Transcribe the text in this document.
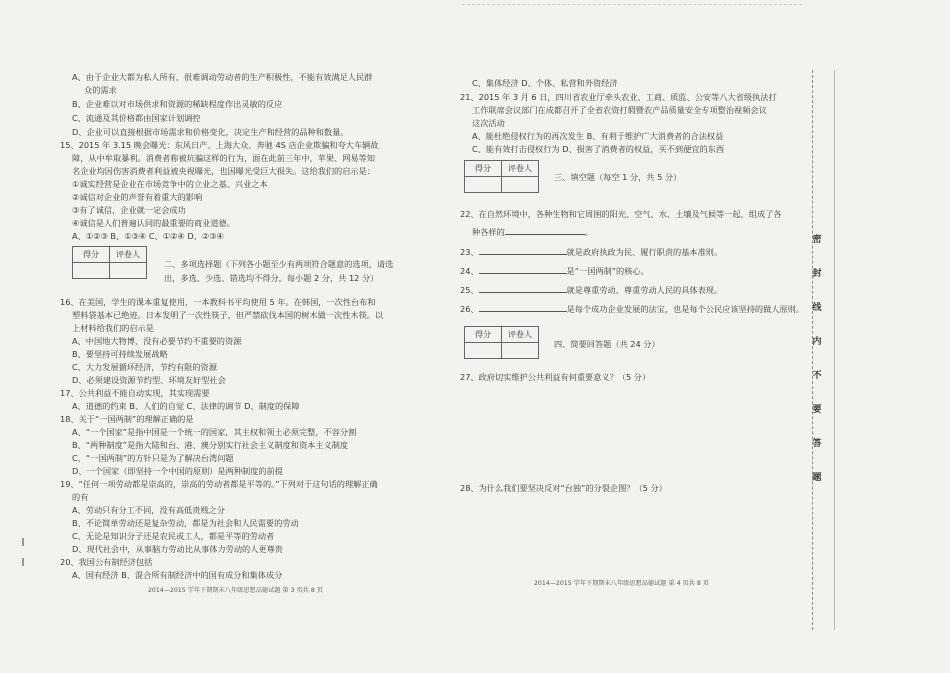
A、由于企业大都为私人所有，很难调动劳动者的生产积极性，不能有效满足人民群
众的需求
B、企业难以对市场供求和资源的稀缺程度作出灵敏的反应
C、流通及其价格都由国家计划调控
D、企业可以直接根据市场需求和价格变化，决定生产和经营的品种和数量。
15、2015 年 3.15 晚会曝光：东风日产、上海大众、奔驰 4S 店企业欺骗和夸大车辆故
障，从中牟取暴利。消费者称被坑骗这样的行为，面在此前三年中，苹果、网易等知
名企业均因伤害消费者利益被央视曝光，也因曝光受巨大损失。这给我们的启示是：
①诚实经营是企业在市场竞争中的立业之基、兴业之本
②诚信对企业的声誉有着重大的影响
③有了诚信，企业就一定会成功
④诚信是人们普遍认同的最重要的商业道德。
A、①②③ B、①③④ C、①②④ D、②③④
得分	评卷人

二、多项选择题（下列各小题至少有两项符合题意的选项，请选
出，多选、少选、错选均不得分，每小题 2 分，共 12 分）
16、在美国，学生的课本重复使用，一本教科书平均使用 5 年。在韩国，一次性台布和
塑料袋基本已绝迹。日本发明了一次性筷子，但严禁砍伐本国的树木做一次性木筷。以
上材料给我们的启示是
A、中国地大物博，没有必要节约不重要的资源
B、要坚持可持续发展战略
C、大力发展循环经济，节约有限的资源
D、必须建设资源节约型、环境友好型社会
17、公共利益不能自动实现，其实现需要
A、道德的约束 B、人们的自觉 C、法律的调节 D、制度的保障
18、关于“一国两制”的理解正确的是
A、“一个国家”是指中国是一个统一的国家，其主权和领土必须完整，不容分割
B、“两种制度”是指大陆和台、港、澳分别实行社会主义制度和资本主义制度
C、“一国两制”的方针只是为了解决台湾问题
D、一个国家（即坚持一个中国的原则）是两种制度的前提
19、“任何一项劳动都是崇高的，崇高的劳动者都是平等的。”下列对于这句话的理解正确
的有
A、劳动只有分工不同，没有高低贵贱之分
B、不论简单劳动还是复杂劳动，都是为社会和人民需要的劳动
C、无论是知识分子还是农民或工人，都是平等的劳动者
D、现代社会中，从事脑力劳动比从事体力劳动的人更尊贵
20、我国公有制经济包括
A、国有经济 B、混合所有制经济中的国有成分和集体成分
2014—2015 学年下期期末八年级思想品德试题 第 3 页共 8 页
C、集体经济 D、个体、私营和外资经济
21、2015 年 3 月 6 日，四川省农业厅牵头农业、工商、质监、公安等八大省级执法打
工作联席会议部门在成都召开了全省农资打假暨农产品质量安全专项整治视频会议
这次活动
A、能杜绝侵权行为的再次发生 B、有利于维护广大消费者的合法权益
C、能有效打击侵权行为 D、损害了消费者的权益，买不到便宜的东西
得分	评卷人

三、填空题（每空 1 分，共 5 分）
22、在自然环境中，各种生物和它周围的阳光、空气、水、土壤及气候等一起，组成了各
种各样的	。
23、	就是政府执政为民、履行职责的基本准则。
24、	是“一国两制”的核心。
25、	就是尊重劳动、尊重劳动人民的具体表现。
26、	是每个成功企业发展的法宝，也是每个公民应该坚持的做人原则。
得分	评卷人

四、简要回答题（共 24 分）
27、政府切实维护公共利益有何重要意义？（5 分）
28、为什么我们要坚决反对“台独”的分裂企图？（5 分）
2014—2015 学年下期期末八年级思想品德试题 第 4 页共 8 页
密
封
线
内
不
要
答
题
